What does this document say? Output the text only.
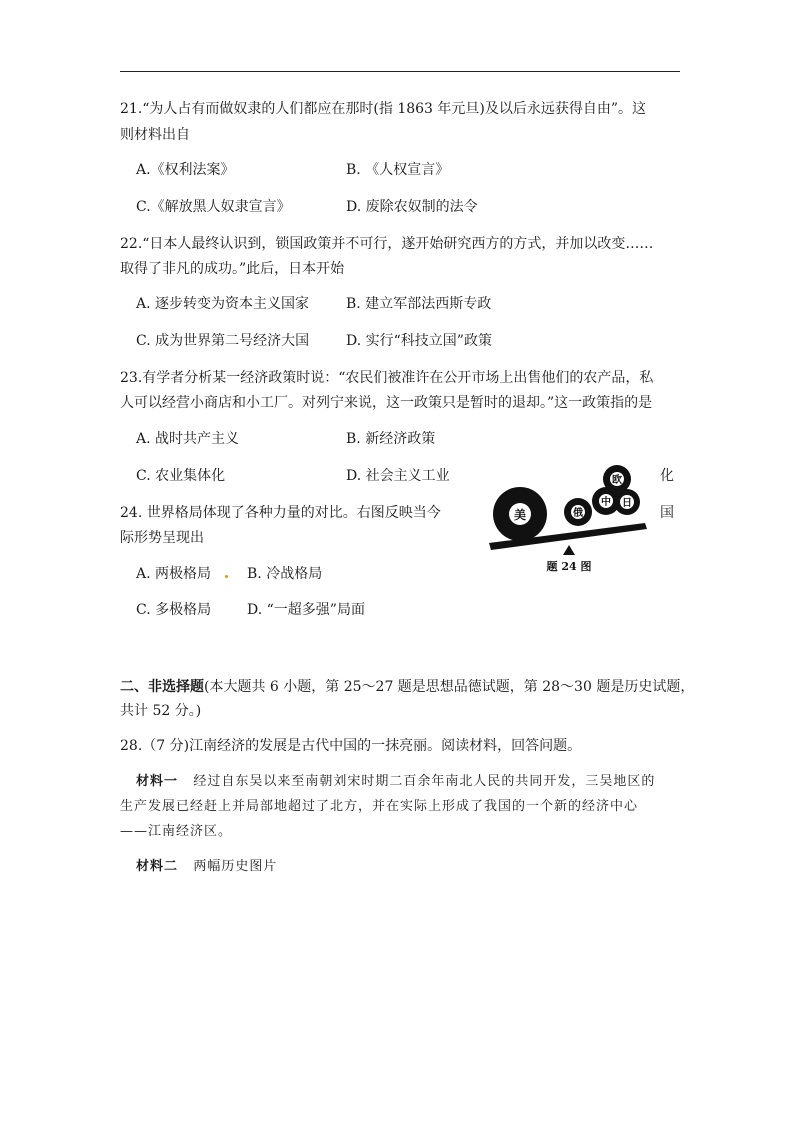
21.“为人占有而做奴隶的人们都应在那时(指 1863 年元旦)及以后永远获得自由”。这
则材料出自
A.《权利法案》	B. 《人权宣言》
C.《解放黑人奴隶宣言》	D. 废除农奴制的法令
22.“日本人最终认识到，锁国政策并不可行，遂开始研究西方的方式，并加以改变……
取得了非凡的成功。”此后，日本开始
A. 逐步转变为资本主义国家	B. 建立军部法西斯专政
C. 成为世界第二号经济大国	D. 实行“科技立国”政策
23.有学者分析某一经济政策时说：“农民们被准许在公开市场上出售他们的农产品，私
人可以经营小商店和小工厂。对列宁来说，这一政策只是暂时的退却。”这一政策指的是
A. 战时共产主义	B. 新经济政策
C. 农业集体化	D. 社会主义工业	化
24. 世界格局体现了各种力量的对比。右图反映当今	国
际形势呈现出
A. 两极格局	B. 冷战格局
C. 多极格局	D. “一超多强”局面
美	俄
中 日
欧
题 24 图
二、非选择题(本大题共 6 小题，第 25～27 题是思想品德试题，第 28～30 题是历史试题，
共计 52 分。)
28.（7 分)江南经济的发展是古代中国的一抹亮丽。阅读材料，回答问题。
材料一 经过自东吴以来至南朝刘宋时期二百余年南北人民的共同开发，三吴地区的
生产发展已经赶上并局部地超过了北方，并在实际上形成了我国的一个新的经济中心
——江南经济区。
材料二 两幅历史图片
